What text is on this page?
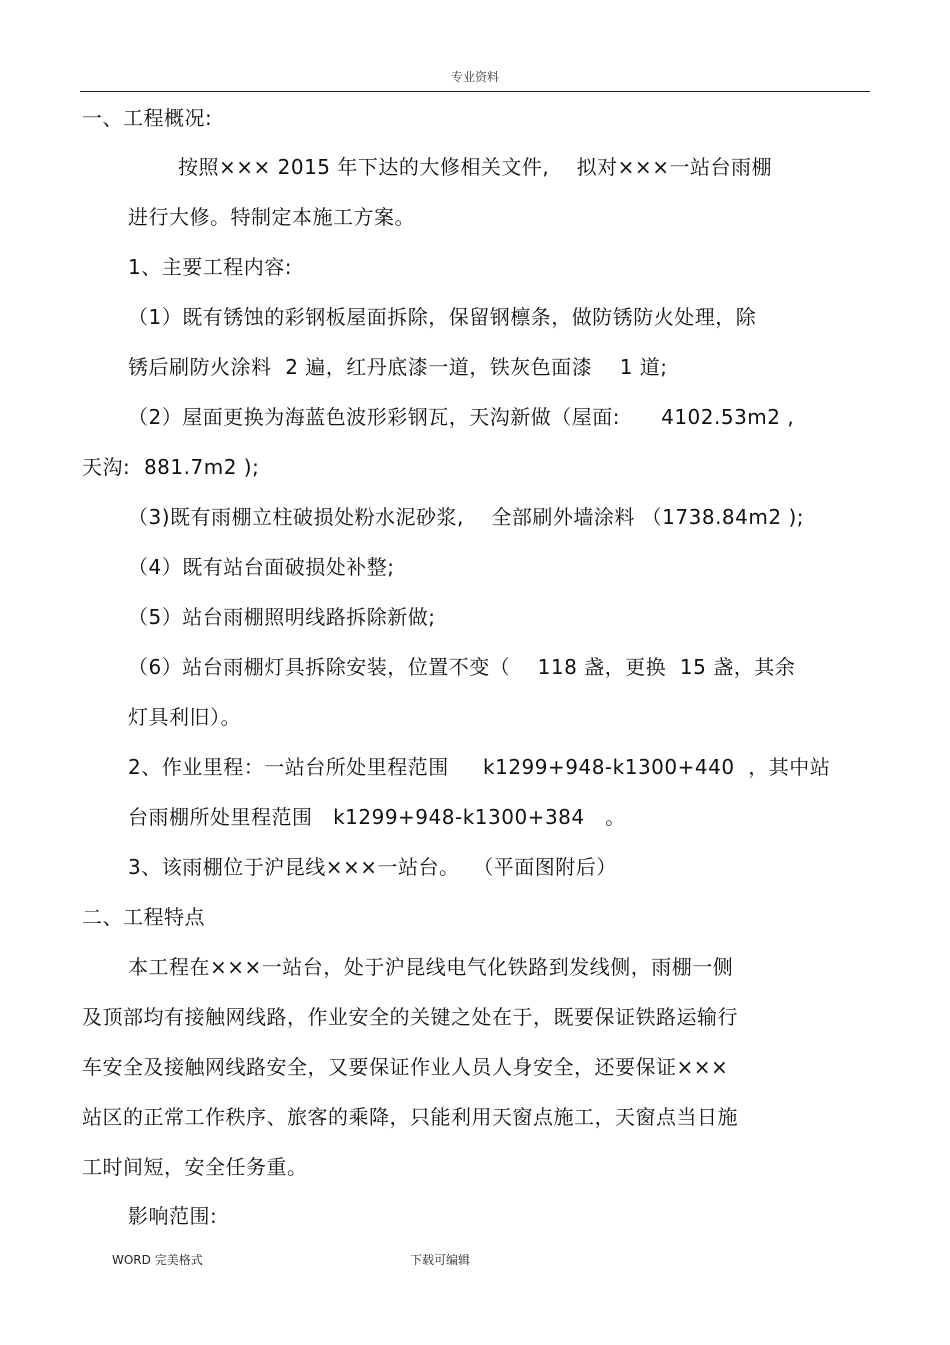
专业资料
一、工程概况:
按照××× 2015 年下达的大修相关文件,    拟对×××一站台雨棚
进行大修。特制定本施工方案。
1、主要工程内容:
（1）既有锈蚀的彩钢板屋面拆除，保留钢檩条，做防锈防火处理，除
锈后刷防火涂料  2 遍，红丹底漆一道，铁灰色面漆    1 道;
（2）屋面更换为海蓝色波形彩钢瓦，天沟新做（屋面:      4102.53m2 ,
天沟:  881.7m2 );
（3)既有雨棚立柱破损处粉水泥砂浆,    全部刷外墙涂料 （1738.84m2 );
（4）既有站台面破损处补整;
（5）站台雨棚照明线路拆除新做;
（6）站台雨棚灯具拆除安装，位置不变（    118 盏，更换  15 盏，其余
灯具利旧）。
2、作业里程：一站台所处里程范围     k1299+948-k1300+440  ，其中站
台雨棚所处里程范围   k1299+948-k1300+384   。
3、该雨棚位于沪昆线×××一站台。  （平面图附后）
二、工程特点
本工程在×××一站台，处于沪昆线电气化铁路到发线侧，雨棚一侧
及顶部均有接触网线路，作业安全的关键之处在于，既要保证铁路运输行
车安全及接触网线路安全，又要保证作业人员人身安全，还要保证×××
站区的正常工作秩序、旅客的乘降，只能利用天窗点施工，天窗点当日施
工时间短，安全任务重。
影响范围:
WORD 完美格式	下载可编辑
